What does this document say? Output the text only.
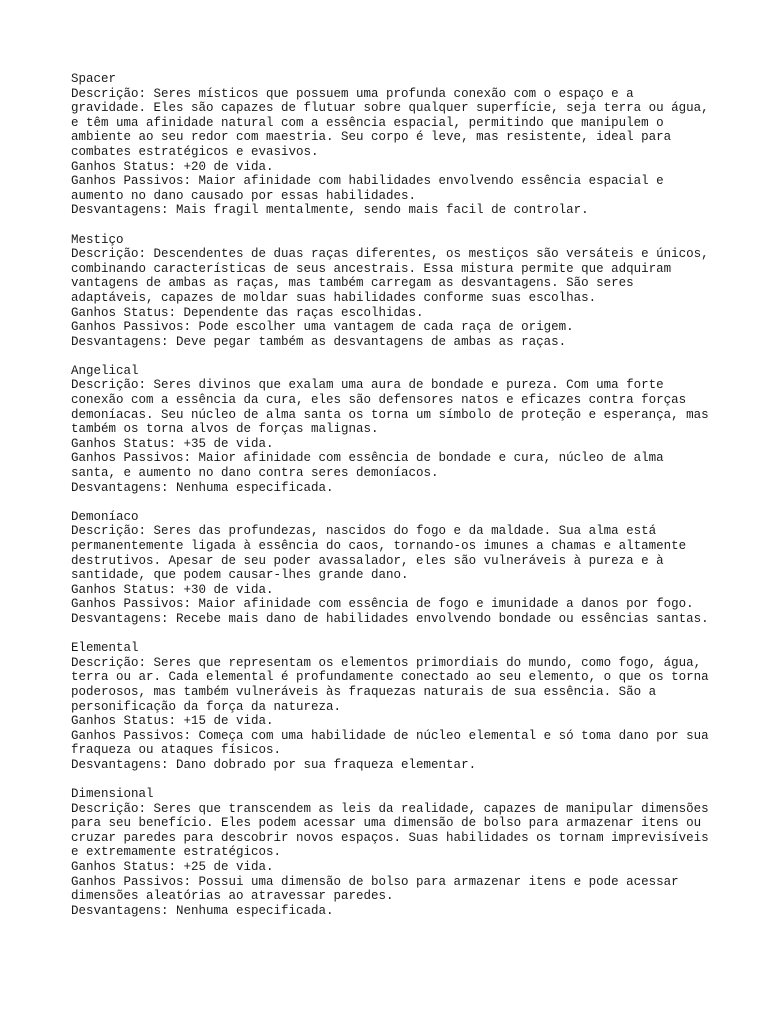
Spacer

Descrição: Seres místicos que possuem uma profunda conexão com o espaço e a gravidade. Eles são capazes de flutuar sobre qualquer superfície, seja terra ou água, e têm uma afinidade natural com a essência espacial, permitindo que manipulem o ambiente ao seu redor com maestria. Seu corpo é leve, mas resistente, ideal para combates estratégicos e evasivos.

Ganhos Status: +20 de vida.

Ganhos Passivos: Maior afinidade com habilidades envolvendo essência espacial e aumento no dano causado por essas habilidades.

Desvantagens: Mais fragil mentalmente, sendo mais facil de controlar.

Mestiço

Descrição: Descendentes de duas raças diferentes, os mestiços são versáteis e únicos, combinando características de seus ancestrais. Essa mistura permite que adquiram vantagens de ambas as raças, mas também carregam as desvantagens. São seres adaptáveis, capazes de moldar suas habilidades conforme suas escolhas.

Ganhos Status: Dependente das raças escolhidas.

Ganhos Passivos: Pode escolher uma vantagem de cada raça de origem.

Desvantagens: Deve pegar também as desvantagens de ambas as raças.

Angelical

Descrição: Seres divinos que exalam uma aura de bondade e pureza. Com uma forte conexão com a essência da cura, eles são defensores natos e eficazes contra forças demoníacas. Seu núcleo de alma santa os torna um símbolo de proteção e esperança, mas também os torna alvos de forças malignas.

Ganhos Status: +35 de vida.

Ganhos Passivos: Maior afinidade com essência de bondade e cura, núcleo de alma santa, e aumento no dano contra seres demoníacos.

Desvantagens: Nenhuma especificada.

Demoníaco

Descrição: Seres das profundezas, nascidos do fogo e da maldade. Sua alma está permanentemente ligada à essência do caos, tornando-os imunes a chamas e altamente destrutivos. Apesar de seu poder avassalador, eles são vulneráveis à pureza e à santidade, que podem causar-lhes grande dano.

Ganhos Status: +30 de vida.

Ganhos Passivos: Maior afinidade com essência de fogo e imunidade a danos por fogo.

Desvantagens: Recebe mais dano de habilidades envolvendo bondade ou essências santas.

Elemental

Descrição: Seres que representam os elementos primordiais do mundo, como fogo, água, terra ou ar. Cada elemental é profundamente conectado ao seu elemento, o que os torna poderosos, mas também vulneráveis às fraquezas naturais de sua essência. São a personificação da força da natureza.

Ganhos Status: +15 de vida.

Ganhos Passivos: Começa com uma habilidade de núcleo elemental e só toma dano por sua fraqueza ou ataques físicos.

Desvantagens: Dano dobrado por sua fraqueza elementar.

Dimensional

Descrição: Seres que transcendem as leis da realidade, capazes de manipular dimensões para seu benefício. Eles podem acessar uma dimensão de bolso para armazenar itens ou cruzar paredes para descobrir novos espaços. Suas habilidades os tornam imprevisíveis e extremamente estratégicos.

Ganhos Status: +25 de vida.

Ganhos Passivos: Possui uma dimensão de bolso para armazenar itens e pode acessar dimensões aleatórias ao atravessar paredes.

Desvantagens: Nenhuma especificada.
